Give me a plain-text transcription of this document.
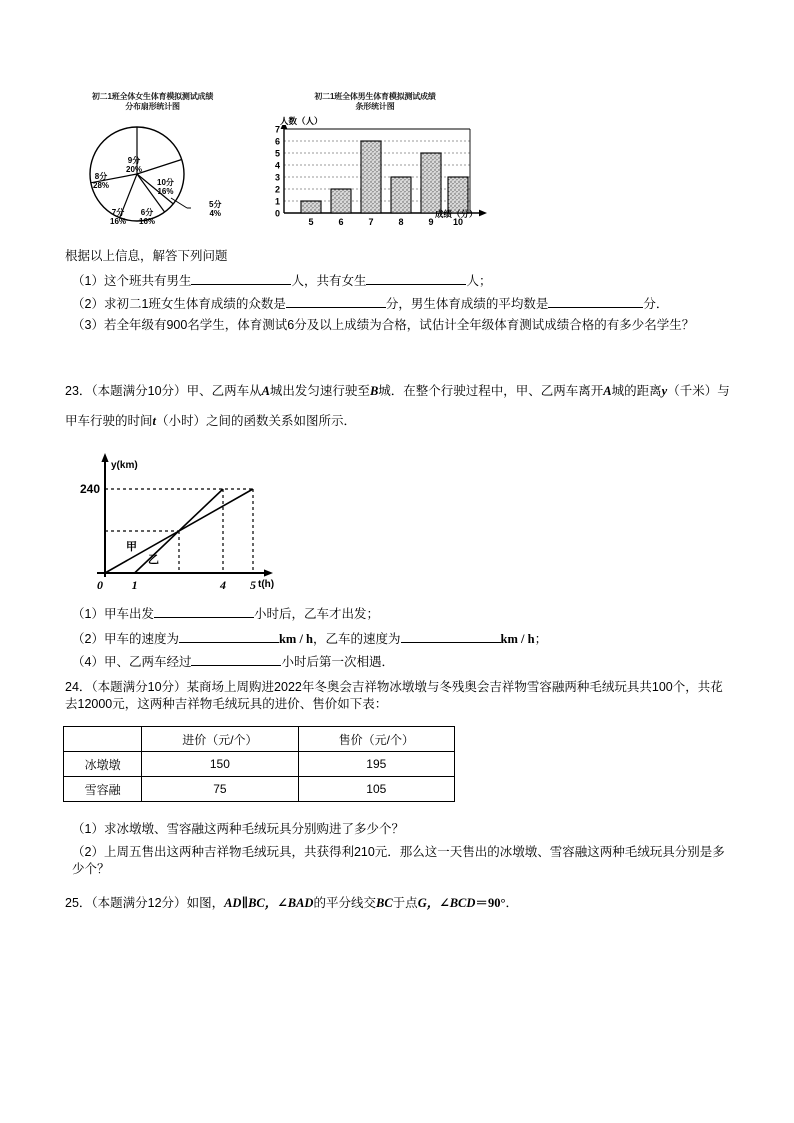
初二1班全体女生体育模拟测试成绩
分布扇形统计图
9分
20%
10分
16%
5分
4%
6分
16%
7分
16%
8分
28%
初二1班全体男生体育模拟测试成绩
条形统计图
人数（人）
0
1
2
3
4
5
6
7
5	6	7	8	9 10
成绩（分）
根据以上信息，解答下列问题
（1）这个班共有男生	人，共有女生	人；
（2）求初二1班女生体育成绩的众数是	分，男生体育成绩的平均数是	分．
（3）若全年级有900名学生，体育测试6分及以上成绩为合格，试估计全年级体育测试成绩合格的有多少名学生？
23．（本题满分10分）甲、乙两车从A城出发匀速行驶至B城．在整个行驶过程中，甲、乙两车离开A城的距离y（千米）与甲车行驶的时间t（小时）之间的函数关系如图所示．
y(km)
t(h)
240
0 1	4 5
甲
乙
（1）甲车出发	小时后，乙车才出发；
（2）甲车的速度为	km / h，乙车的速度为	km / h；
（4）甲、乙两车经过	小时后第一次相遇．
24．（本题满分10分）某商场上周购进2022年冬奥会吉祥物冰墩墩与冬残奥会吉祥物雪容融两种毛绒玩具共100个，共花去12000元，这两种吉祥物毛绒玩具的进价、售价如下表：
	进价（元/个）	售价（元/个）
冰墩墩	150	195
雪容融	75	105
（1）求冰墩墩、雪容融这两种毛绒玩具分别购进了多少个？
（2）上周五售出这两种吉祥物毛绒玩具，共获得利210元．那么这一天售出的冰墩墩、雪容融这两种毛绒玩具分别是多少个？
25．（本题满分12分）如图，AD∥BC，∠BAD的平分线交BC于点G，∠BCD＝90°．
